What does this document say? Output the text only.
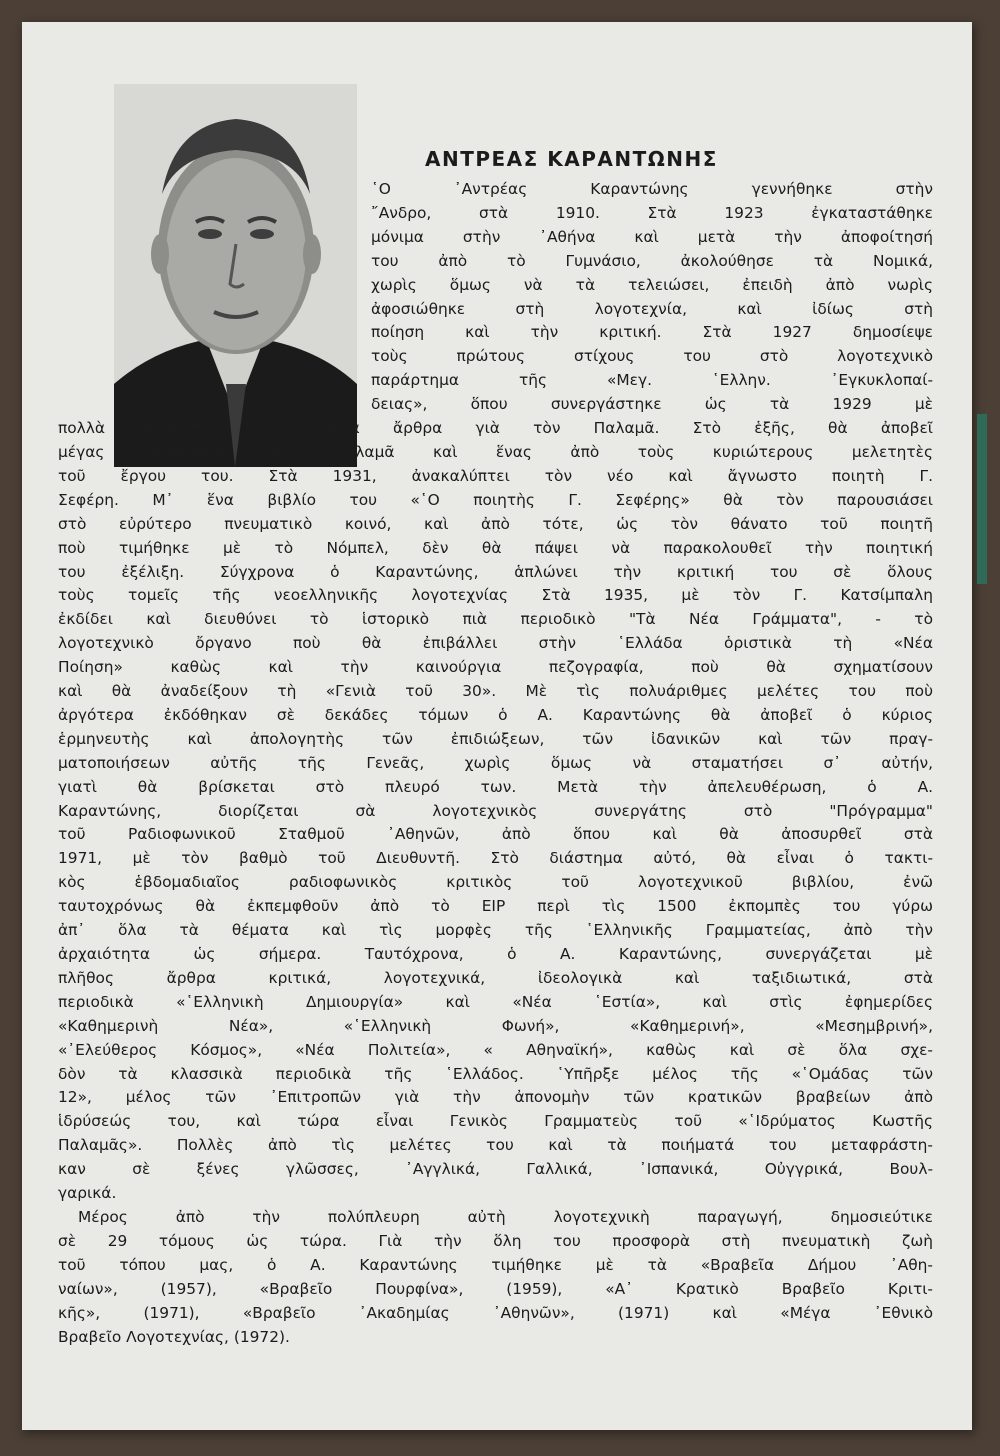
ΑΝΤΡΕΑΣ ΚΑΡΑΝΤΩΝΗΣ
῾Ο ᾿Αντρέας Καραντώνης γεννήθηκε στὴν
῎Ανδρο, στὰ 1910. Στὰ 1923 ἐγκαταστάθηκε
μόνιμα στὴν ᾿Αθήνα καὶ μετὰ τὴν ἀποφοίτησή
του ἀπὸ τὸ Γυμνάσιο, ἀκολούθησε τὰ Νομικά,
χωρὶς ὅμως νὰ τὰ τελειώσει, ἐπειδὴ ἀπὸ νωρὶς
ἀφοσιώθηκε στὴ λογοτεχνία, καὶ ἰδίως στὴ
ποίηση καὶ τὴν κριτική. Στὰ 1927 δημοσίεψε
τοὺς πρώτους στίχους του στὸ λογοτεχνικὸ
παράρτημα τῆς «Μεγ. ῾Ελλην. ᾿Εγκυκλοπαί-
δειας», ὅπου συνεργάστηκε ὡς τὰ 1929 μὲ
πολλὰ ποιήματα καὶ κριτικὰ ἄρθρα γιὰ τὸν Παλαμᾶ. Στὸ ἑξῆς, θὰ ἀποβεῖ
μέγας θαυμαστὴς τοῦ Παλαμᾶ καὶ ἕνας ἀπὸ τοὺς κυριώτερους μελετητὲς
τοῦ ἔργου του. Στὰ 1931, ἀνακαλύπτει τὸν νέο καὶ ἄγνωστο ποιητὴ Γ.
Σεφέρη. Μ᾿ ἕνα βιβλίο του «῾Ο ποιητὴς Γ. Σεφέρης» θὰ τὸν παρουσιάσει
στὸ εὐρύτερο πνευματικὸ κοινό, καὶ ἀπὸ τότε, ὡς τὸν θάνατο τοῦ ποιητῆ
ποὺ τιμήθηκε μὲ τὸ Νόμπελ, δὲν θὰ πάψει νὰ παρακολουθεῖ τὴν ποιητική
του ἐξέλιξη. Σύγχρονα ὁ Καραντώνης, ἁπλώνει τὴν κριτική του σὲ ὅλους
τοὺς τομεῖς τῆς νεοελληνικῆς λογοτεχνίας Στὰ 1935, μὲ τὸν Γ. Κατσίμπαλη
ἐκδίδει καὶ διευθύνει τὸ ἱστορικὸ πιὰ περιοδικὸ "Τὰ Νέα Γράμματα", - τὸ
λογοτεχνικὸ ὄργανο ποὺ θὰ ἐπιβάλλει στὴν ῾Ελλάδα ὁριστικὰ τὴ «Νέα
Ποίηση» καθὼς καὶ τὴν καινούργια πεζογραφία, ποὺ θὰ σχηματίσουν
καὶ θὰ ἀναδείξουν τὴ «Γενιὰ τοῦ 30». Μὲ τὶς πολυάριθμες μελέτες του ποὺ
ἀργότερα ἐκδόθηκαν σὲ δεκάδες τόμων ὁ Α. Καραντώνης θὰ ἀποβεῖ ὁ κύριος
ἑρμηνευτὴς καὶ ἀπολογητὴς τῶν ἐπιδιώξεων, τῶν ἰδανικῶν καὶ τῶν πραγ-
ματοποιήσεων αὐτῆς τῆς Γενεᾶς, χωρὶς ὅμως νὰ σταματήσει σ᾿ αὐτήν,
γιατὶ θὰ βρίσκεται στὸ πλευρό των. Μετὰ τὴν ἀπελευθέρωση, ὁ Α.
Καραντώνης, διορίζεται σὰ λογοτεχνικὸς συνεργάτης στὸ "Πρόγραμμα"
τοῦ Ραδιοφωνικοῦ Σταθμοῦ ᾿Αθηνῶν, ἀπὸ ὅπου καὶ θὰ ἀποσυρθεῖ στὰ
1971, μὲ τὸν βαθμὸ τοῦ Διευθυντῆ. Στὸ διάστημα αὐτό, θὰ εἶναι ὁ τακτι-
κὸς ἑβδομαδιαῖος ραδιοφωνικὸς κριτικὸς τοῦ λογοτεχνικοῦ βιβλίου, ἐνῶ
ταυτοχρόνως θὰ ἐκπεμφθοῦν ἀπὸ τὸ ΕΙΡ περὶ τὶς 1500 ἐκπομπὲς του γύρω
ἀπ᾿ ὅλα τὰ θέματα καὶ τὶς μορφὲς τῆς ῾Ελληνικῆς Γραμματείας, ἀπὸ τὴν
ἀρχαιότητα ὡς σήμερα. Ταυτόχρονα, ὁ Α. Καραντώνης, συνεργάζεται μὲ
πλῆθος ἄρθρα κριτικά, λογοτεχνικά, ἰδεολογικὰ καὶ ταξιδιωτικά, στὰ
περιοδικὰ «῾Ελληνικὴ Δημιουργία» καὶ «Νέα ῾Εστία», καὶ στὶς ἐφημερίδες
«Καθημερινὴ Νέα», «῾Ελληνικὴ Φωνή», «Καθημερινή», «Μεσημβρινή»,
«᾿Ελεύθερος Κόσμος», «Νέα Πολιτεία», « Αθηναϊκή», καθὼς καὶ σὲ ὅλα σχε-
δὸν τὰ κλασσικὰ περιοδικὰ τῆς ῾Ελλάδος. ῾Υπῆρξε μέλος τῆς «῾Ομάδας τῶν
12», μέλος τῶν ᾿Επιτροπῶν γιὰ τὴν ἀπονομὴν τῶν κρατικῶν βραβείων ἀπὸ
ἱδρύσεώς του, καὶ τώρα εἶναι Γενικὸς Γραμματεὺς τοῦ «῾Ιδρύματος Κωστῆς
Παλαμᾶς». Πολλὲς ἀπὸ τὶς μελέτες του καὶ τὰ ποιήματά του μεταφράστη-
καν σὲ ξένες γλῶσσες, ᾿Αγγλικά, Γαλλικά, ᾿Ισπανικά, Οὐγγρικά, Βουλ-
γαρικά.
Μέρος ἀπὸ τὴν πολύπλευρη αὐτὴ λογοτεχνικὴ παραγωγή, δημοσιεύτικε
σὲ 29 τόμους ὡς τώρα. Γιὰ τὴν ὅλη του προσφορὰ στὴ πνευματικὴ ζωὴ
τοῦ τόπου μας, ὁ Α. Καραντώνης τιμήθηκε μὲ τὰ «Βραβεῖα Δήμου ᾿Αθη-
ναίων», (1957), «Βραβεῖο Πουρφίνα», (1959), «Α᾿ Κρατικὸ Βραβεῖο Κριτι-
κῆς», (1971), «Βραβεῖο ᾿Ακαδημίας ᾿Αθηνῶν», (1971) καὶ «Μέγα ᾿Εθνικὸ
Βραβεῖο Λογοτεχνίας, (1972).
